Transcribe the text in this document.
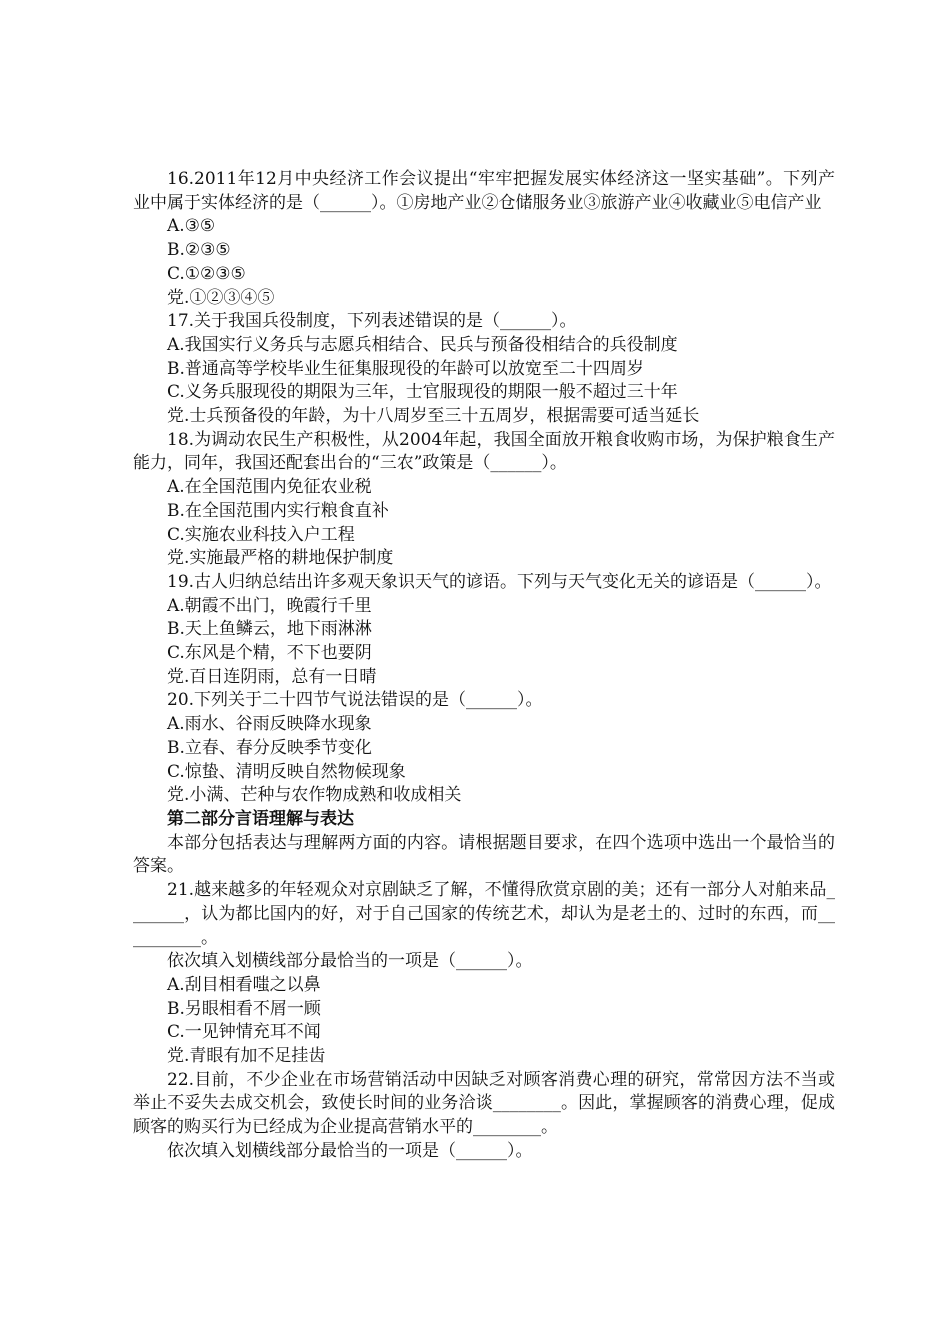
16.2011年12月中央经济工作会议提出“牢牢把握发展实体经济这一坚实基础”。下列产业中属于实体经济的是（______）。①房地产业②仓储服务业③旅游产业④收藏业⑤电信产业

A.③⑤

B.②③⑤

C.①②③⑤

党.①②③④⑤

17.关于我国兵役制度，下列表述错误的是（______）。

A.我国实行义务兵与志愿兵相结合、民兵与预备役相结合的兵役制度

B.普通高等学校毕业生征集服现役的年龄可以放宽至二十四周岁

C.义务兵服现役的期限为三年，士官服现役的期限一般不超过三十年

党.士兵预备役的年龄，为十八周岁至三十五周岁，根据需要可适当延长

18.为调动农民生产积极性，从2004年起，我国全面放开粮食收购市场，为保护粮食生产能力，同年，我国还配套出台的“三农”政策是（______）。

A.在全国范围内免征农业税

B.在全国范围内实行粮食直补

C.实施农业科技入户工程

党.实施最严格的耕地保护制度

19.古人归纳总结出许多观天象识天气的谚语。下列与天气变化无关的谚语是（______）。

A.朝霞不出门，晚霞行千里

B.天上鱼鳞云，地下雨淋淋

C.东风是个精，不下也要阴

党.百日连阴雨，总有一日晴

20.下列关于二十四节气说法错误的是（______）。

A.雨水、谷雨反映降水现象

B.立春、春分反映季节变化

C.惊蛰、清明反映自然物候现象

党.小满、芒种与农作物成熟和收成相关

第二部分言语理解与表达

本部分包括表达与理解两方面的内容。请根据题目要求，在四个选项中选出一个最恰当的答案。

21.越来越多的年轻观众对京剧缺乏了解，不懂得欣赏京剧的美；还有一部分人对舶来品_______，认为都比国内的好，对于自己国家的传统艺术，却认为是老土的、过时的东西，而__________。

依次填入划横线部分最恰当的一项是（______）。

A.刮目相看嗤之以鼻

B.另眼相看不屑一顾

C.一见钟情充耳不闻

党.青眼有加不足挂齿

22.目前，不少企业在市场营销活动中因缺乏对顾客消费心理的研究，常常因方法不当或举止不妥失去成交机会，致使长时间的业务洽谈________。因此，掌握顾客的消费心理，促成顾客的购买行为已经成为企业提高营销水平的________。

依次填入划横线部分最恰当的一项是（______）。
